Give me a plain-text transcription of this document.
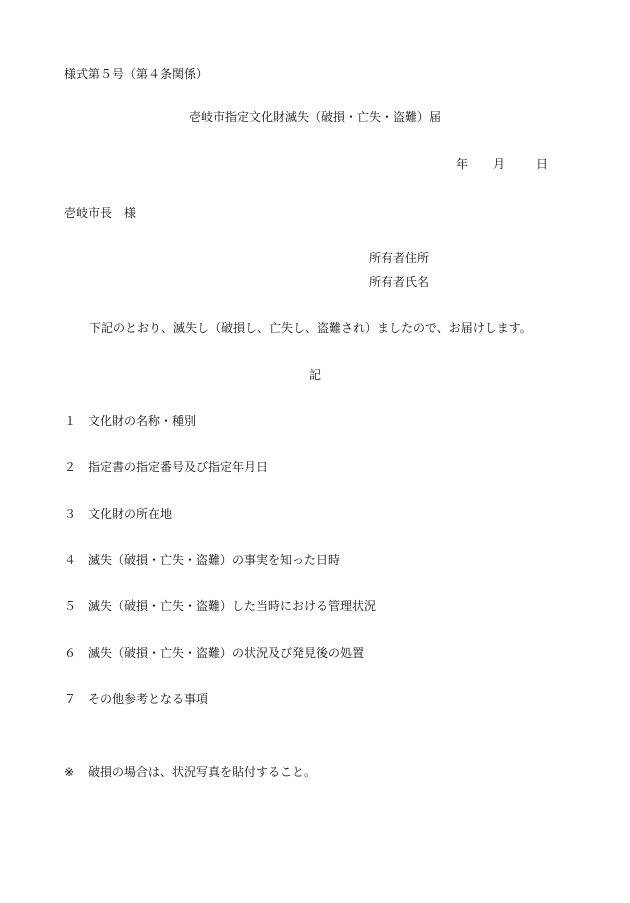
様式第５号（第４条関係）

壱岐市指定文化財滅失（破損・亡失・盗難）届

年 月	日

壱岐市長　様

所有者住所

所有者氏名

下記のとおり、滅失し（破損し、亡失し、盗難され）ましたので、お届けします。

記

１ 文化財の名称・種別

２ 指定書の指定番号及び指定年月日

３ 文化財の所在地

４ 滅失（破損・亡失・盗難）の事実を知った日時

５ 滅失（破損・亡失・盗難）した当時における管理状況

６ 滅失（破損・亡失・盗難）の状況及び発見後の処置

７ その他参考となる事項

※ 破損の場合は、状況写真を貼付すること。
